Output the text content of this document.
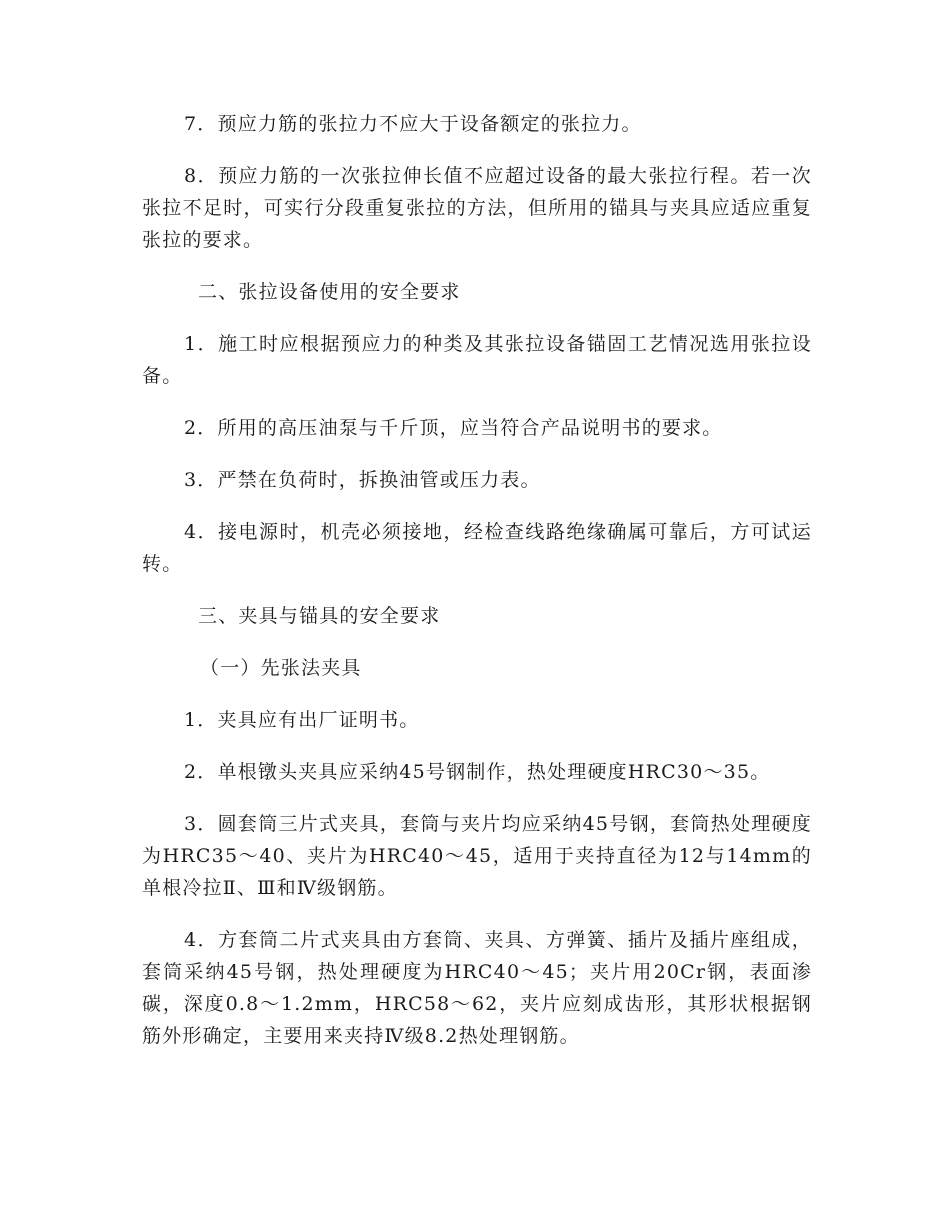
7．预应力筋的张拉力不应大于设备额定的张拉力。

8．预应力筋的一次张拉伸长值不应超过设备的最大张拉行程。若一次张拉不足时，可实行分段重复张拉的方法，但所用的锚具与夹具应适应重复张拉的要求。

二、张拉设备使用的安全要求

1．施工时应根据预应力的种类及其张拉设备锚固工艺情况选用张拉设备。

2．所用的高压油泵与千斤顶，应当符合产品说明书的要求。

3．严禁在负荷时，拆换油管或压力表。

4．接电源时，机壳必须接地，经检查线路绝缘确属可靠后，方可试运转。

三、夹具与锚具的安全要求

（一）先张法夹具

1．夹具应有出厂证明书。

2．单根镦头夹具应采纳45号钢制作，热处理硬度HRC30～35。

3．圆套筒三片式夹具，套筒与夹片均应采纳45号钢，套筒热处理硬度为HRC35～40、夹片为HRC40～45，适用于夹持直径为12与14mm的单根冷拉Ⅱ、Ⅲ和Ⅳ级钢筋。

4．方套筒二片式夹具由方套筒、夹具、方弹簧、插片及插片座组成，套筒采纳45号钢，热处理硬度为HRC40～45；夹片用20Cr钢，表面渗碳，深度0.8～1.2mm，HRC58～62，夹片应刻成齿形，其形状根据钢筋外形确定，主要用来夹持Ⅳ级8.2热处理钢筋。
